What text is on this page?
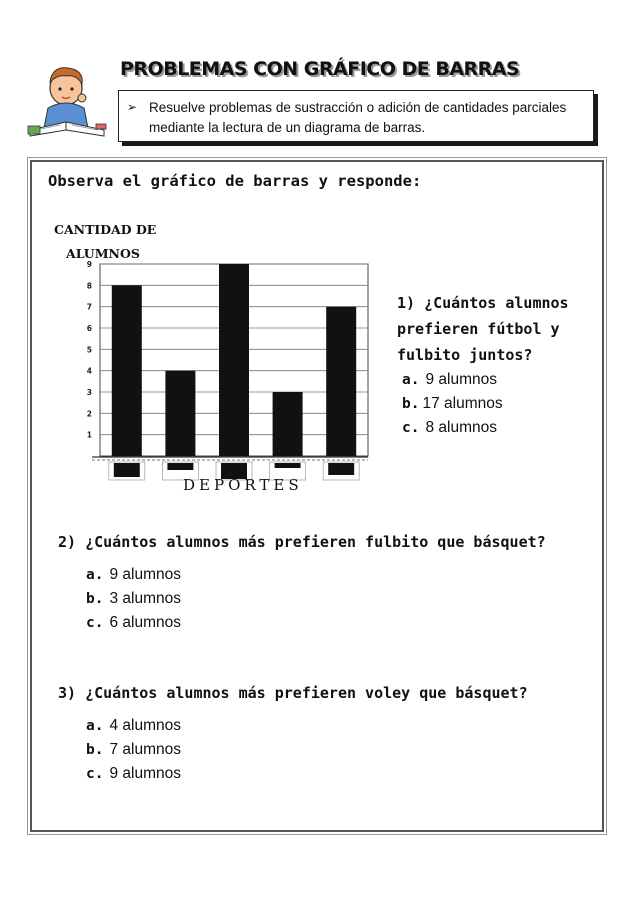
PROBLEMAS CON GRÁFICO DE BARRAS
➢ Resuelve problemas de sustracción o adición de cantidades parciales mediante la lectura de un diagrama de barras.
Observa el gráfico de barras y responde:
1
2
3
4
5
6
7
8
9
CANTIDAD DE
ALUMNOS
DEPORTES
1) ¿Cuántos alumnos prefieren fútbol y fulbito juntos?
a. 9 alumnos
b. 17 alumnos
c. 8 alumnos
2) ¿Cuántos alumnos más prefieren fulbito que básquet?
a. 9 alumnos
b. 3 alumnos
c. 6 alumnos
3) ¿Cuántos alumnos más prefieren voley que básquet?
a. 4 alumnos
b. 7 alumnos
c. 9 alumnos
